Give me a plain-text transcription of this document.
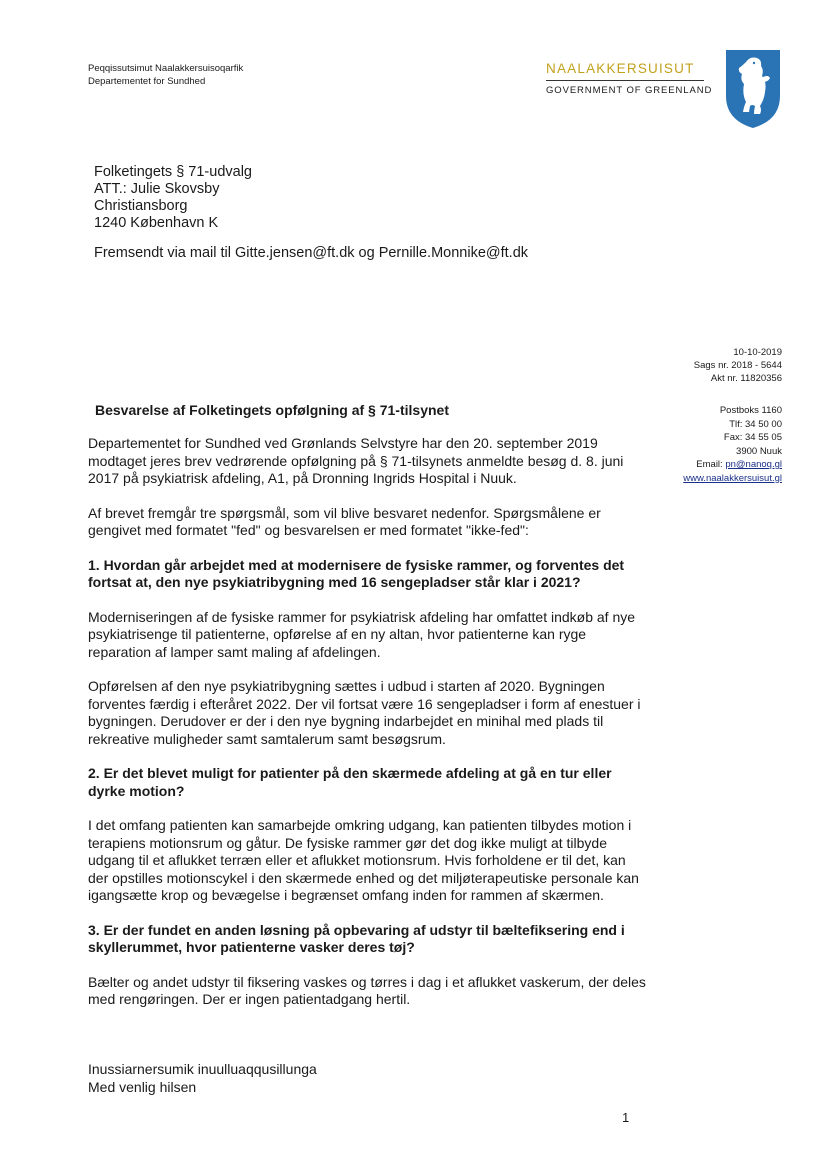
Peqqissutsimut Naalakkersuisoqarfik
Departementet for Sundhed
NAALAKKERSUISUT
GOVERNMENT OF GREENLAND
Folketingets § 71-udvalg
ATT.: Julie Skovsby
Christiansborg
1240 København K
Fremsendt via mail til Gitte.jensen@ft.dk og Pernille.Monnike@ft.dk
10-10-2019
Sags nr. 2018 - 5644
Akt nr. 11820356
Postboks 1160
Tlf: 34 50 00
Fax: 34 55 05
3900 Nuuk
Email: pn@nanoq.gl
www.naalakkersuisut.gl
Besvarelse af Folketingets opfølgning af § 71-tilsynet

Departementet for Sundhed ved Grønlands Selvstyre har den 20. september 2019 modtaget jeres brev vedrørende opfølgning på § 71-tilsynets anmeldte besøg d. 8. juni 2017 på psykiatrisk afdeling, A1, på Dronning Ingrids Hospital i Nuuk.

Af brevet fremgår tre spørgsmål, som vil blive besvaret nedenfor. Spørgsmålene er gengivet med formatet "fed" og besvarelsen er med formatet "ikke-fed":

1. Hvordan går arbejdet med at modernisere de fysiske rammer, og forventes det fortsat at, den nye psykiatribygning med 16 sengepladser står klar i 2021?

Moderniseringen af de fysiske rammer for psykiatrisk afdeling har omfattet indkøb af nye psykiatrisenge til patienterne, opførelse af en ny altan, hvor patienterne kan ryge reparation af lamper samt maling af afdelingen.

Opførelsen af den nye psykiatribygning sættes i udbud i starten af 2020. Bygningen forventes færdig i efteråret 2022. Der vil fortsat være 16 sengepladser i form af enestuer i bygningen. Derudover er der i den nye bygning indarbejdet en minihal med plads til rekreative muligheder samt samtalerum samt besøgsrum.

2. Er det blevet muligt for patienter på den skærmede afdeling at gå en tur eller dyrke motion?

I det omfang patienten kan samarbejde omkring udgang, kan patienten tilbydes motion i terapiens motionsrum og gåtur. De fysiske rammer gør det dog ikke muligt at tilbyde udgang til et aflukket terræn eller et aflukket motionsrum. Hvis forholdene er til det, kan der opstilles motionscykel i den skærmede enhed og det miljøterapeutiske personale kan igangsætte krop og bevægelse i begrænset omfang inden for rammen af skærmen.

3. Er der fundet en anden løsning på opbevaring af udstyr til bæltefiksering end i skyllerummet, hvor patienterne vasker deres tøj?

Bælter og andet udstyr til fiksering vaskes og tørres i dag i et aflukket vaskerum, der deles med rengøringen. Der er ingen patientadgang hertil.

Inussiarnersumik inuulluaqqusillunga
Med venlig hilsen
1
